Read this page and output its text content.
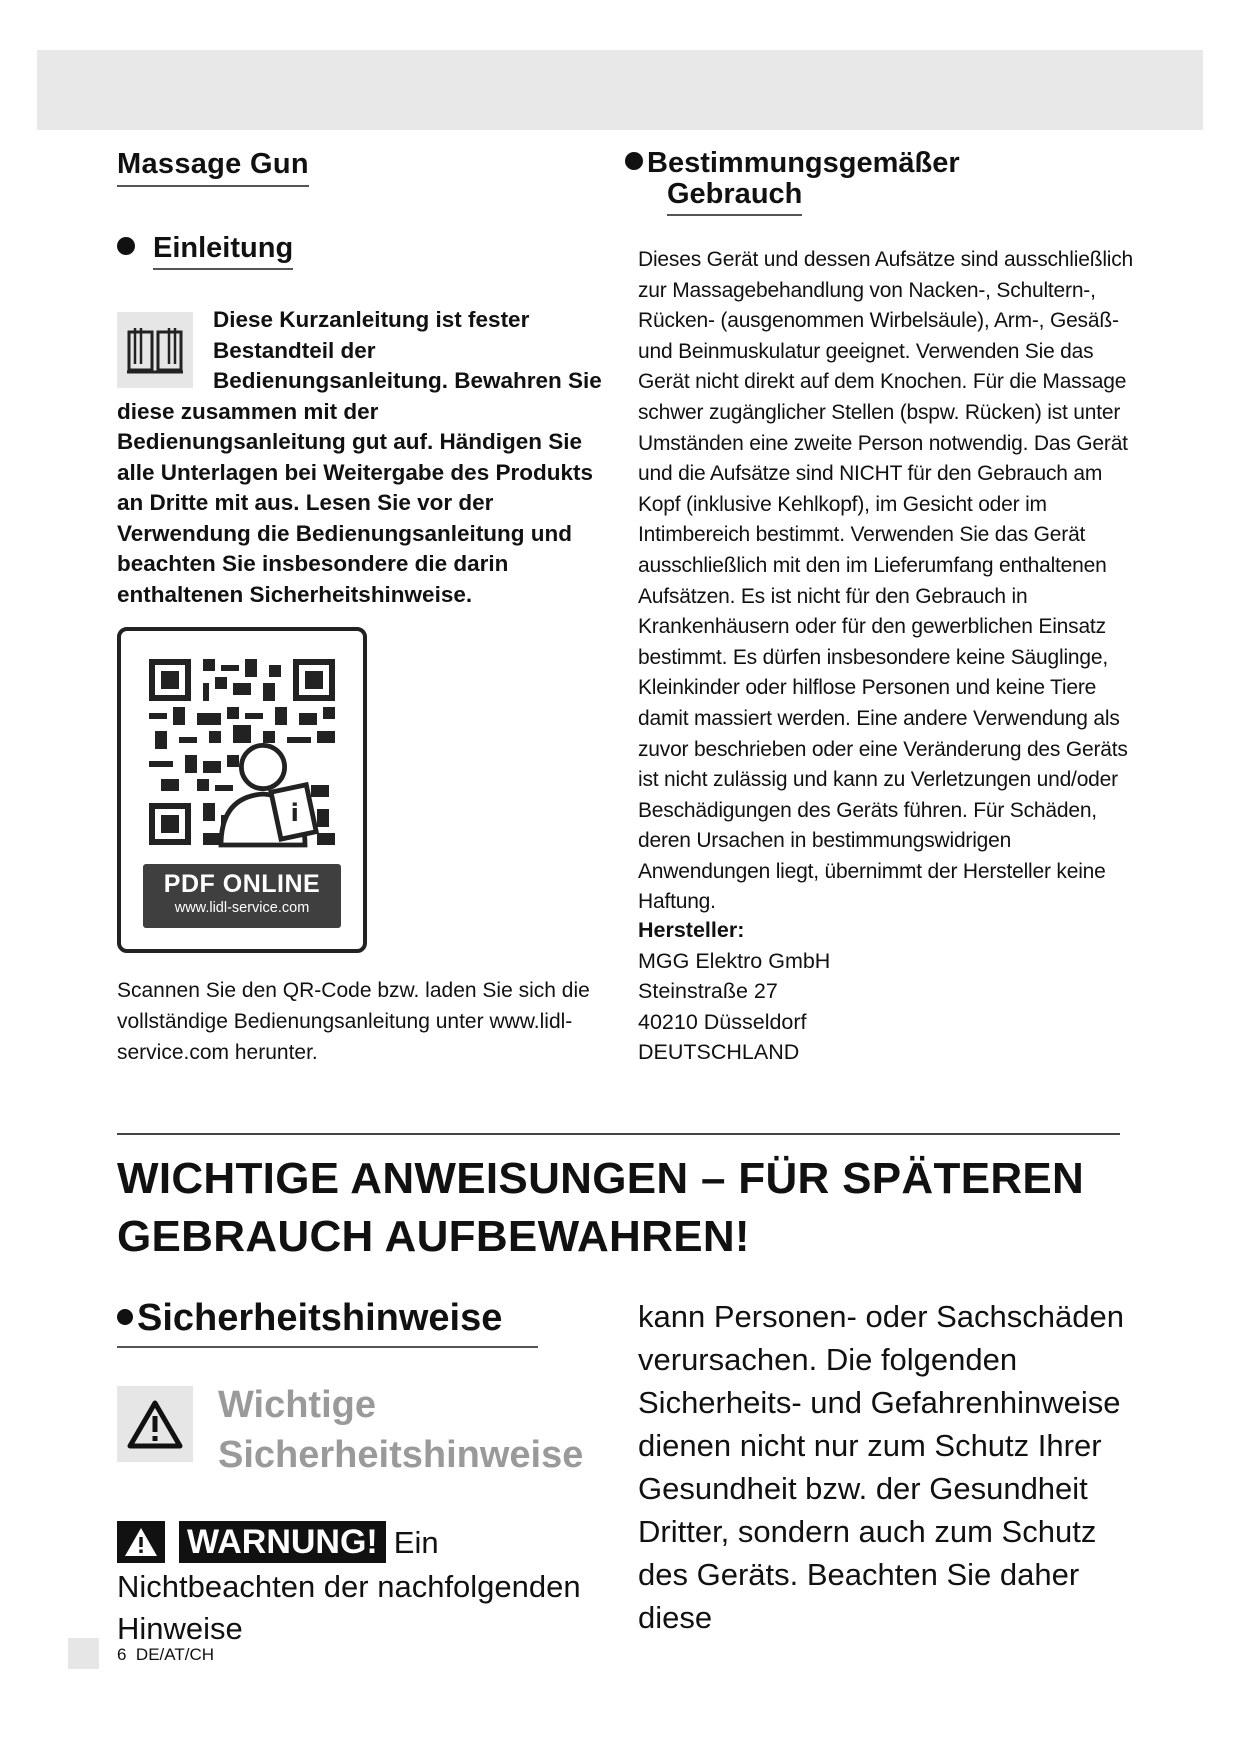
Massage Gun
Einleitung
Diese Kurzanleitung ist fester Bestandteil der Bedienungsanleitung. Bewahren Sie diese zusammen mit der Bedienungsanleitung gut auf. Händigen Sie alle Unterlagen bei Weitergabe des Produkts an Dritte mit aus. Lesen Sie vor der Verwendung die Bedienungsanleitung und beachten Sie insbesondere die darin enthaltenen Sicherheitshinweise.
i
PDF ONLINE
www.lidl-service.com
Scannen Sie den QR-Code bzw. laden Sie sich die vollständige Bedienungsanleitung unter www.lidl-service.com herunter.
Bestimmungsgemäßer
Gebrauch
Dieses Gerät und dessen Aufsätze sind ausschließlich zur Massagebehandlung von Nacken-, Schultern-, Rücken- (ausgenommen Wirbelsäule), Arm-, Gesäß- und Beinmuskulatur geeignet. Verwenden Sie das Gerät nicht direkt auf dem Knochen. Für die Massage schwer zugänglicher Stellen (bspw. Rücken) ist unter Umständen eine zweite Person notwendig. Das Gerät und die Aufsätze sind NICHT für den Gebrauch am Kopf (inklusive Kehlkopf), im Gesicht oder im Intimbereich bestimmt. Verwenden Sie das Gerät ausschließlich mit den im Lieferumfang enthaltenen Aufsätzen. Es ist nicht für den Gebrauch in Krankenhäusern oder für den gewerblichen Einsatz bestimmt. Es dürfen insbesondere keine Säuglinge, Kleinkinder oder hilflose Personen und keine Tiere damit massiert werden. Eine andere Verwendung als zuvor beschrieben oder eine Veränderung des Geräts ist nicht zulässig und kann zu Verletzungen und/oder Beschädigungen des Geräts führen. Für Schäden, deren Ursachen in bestimmungswidrigen Anwendungen liegt, übernimmt der Hersteller keine Haftung.
Hersteller:
MGG Elektro GmbH
Steinstraße 27
40210 Düsseldorf
DEUTSCHLAND
WICHTIGE ANWEISUNGEN – FÜR SPÄTEREN
GEBRAUCH AUFBEWAHREN!
Sicherheitshinweise
Wichtige
Sicherheitshinweise
WARNUNG! Ein Nichtbeachten der nachfolgenden Hinweise
kann Personen- oder Sachschäden verursachen. Die folgenden Sicherheits- und Gefahrenhinweise dienen nicht nur zum Schutz Ihrer Gesundheit bzw. der Gesundheit Dritter, sondern auch zum Schutz des Geräts. Beachten Sie daher diese
6 DE/AT/CH
